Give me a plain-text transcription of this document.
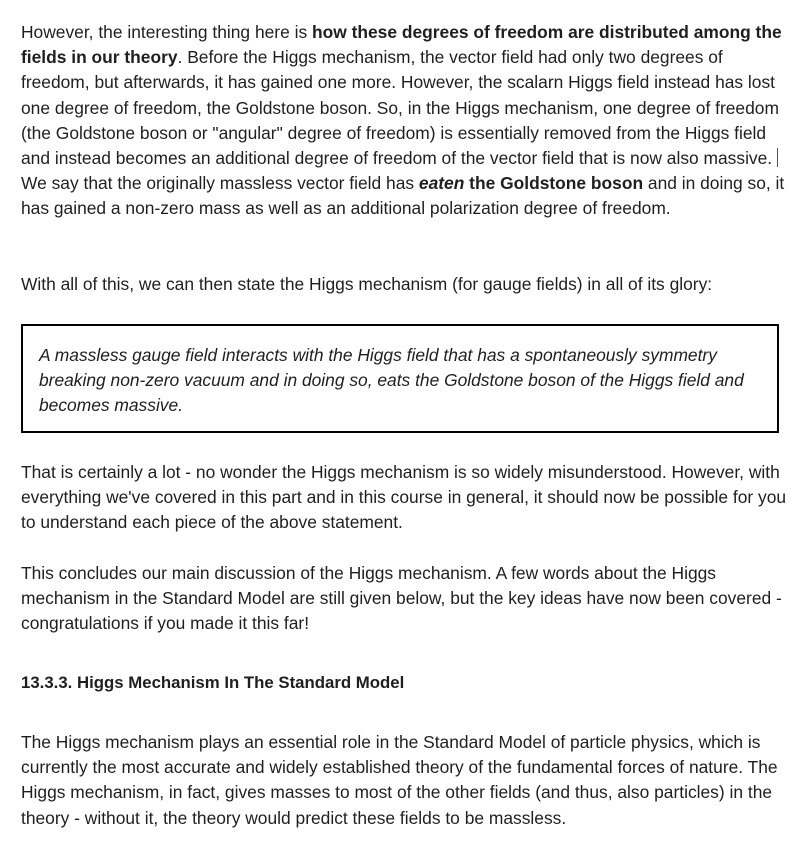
However, the interesting thing here is how these degrees of freedom are distributed among the fields in our theory. Before the Higgs mechanism, the vector field had only two degrees of freedom, but afterwards, it has gained one more. However, the scalarn Higgs field instead has lost one degree of freedom, the Goldstone boson. So, in the Higgs mechanism, one degree of freedom (the Goldstone boson or "angular" degree of freedom) is essentially removed from the Higgs field and instead becomes an additional degree of freedom of the vector field that is now also massive. We say that the originally massless vector field has eaten the Goldstone boson and in doing so, it has gained a non-zero mass as well as an additional polarization degree of freedom.

With all of this, we can then state the Higgs mechanism (for gauge fields) in all of its glory:

A massless gauge field interacts with the Higgs field that has a spontaneously symmetry breaking non-zero vacuum and in doing so, eats the Goldstone boson of the Higgs field and becomes massive.

That is certainly a lot - no wonder the Higgs mechanism is so widely misunderstood. However, with everything we've covered in this part and in this course in general, it should now be possible for you to understand each piece of the above statement.

This concludes our main discussion of the Higgs mechanism. A few words about the Higgs mechanism in the Standard Model are still given below, but the key ideas have now been covered - congratulations if you made it this far!

13.3.3. Higgs Mechanism In The Standard Model

The Higgs mechanism plays an essential role in the Standard Model of particle physics, which is currently the most accurate and widely established theory of the fundamental forces of nature. The Higgs mechanism, in fact, gives masses to most of the other fields (and thus, also particles) in the theory - without it, the theory would predict these fields to be massless.
